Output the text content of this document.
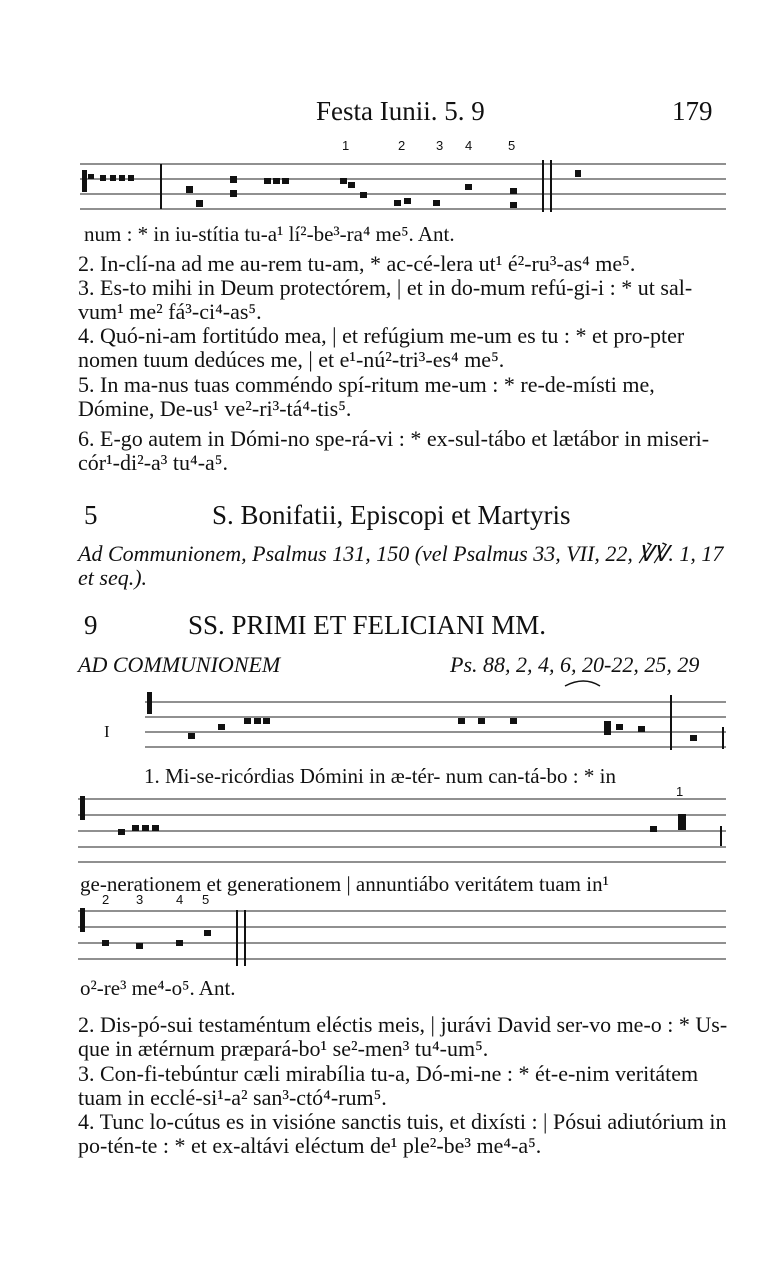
Festa Iunii. 5. 9	179
1	2 3 4	5
num : * in iu-stítia tu-a¹ lí²-be³-ra⁴ me⁵. Ant.
2. In-clí-na ad me au-rem tu-am, * ac-cé-lera ut¹ é²-ru³-as⁴ me⁵.
3. Es-to mihi in Deum protectórem, | et in do-mum refú-gi-i : * ut sal-vum¹ me² fá³-ci⁴-as⁵.
4. Quó-ni-am fortitúdo mea, | et refúgium me-um es tu : * et pro-pter nomen tuum dedúces me, | et e¹-nú²-tri³-es⁴ me⁵.
5. In ma-nus tuas comméndo spí-ritum me-um : * re-de-místi me, Dómine, De-us¹ ve²-ri³-tá⁴-tis⁵.
6. E-go autem in Dómi-no spe-rá-vi : * ex-sul-tábo et lætábor in miseri-cór¹-di²-a³ tu⁴-a⁵.
5	S. Bonifatii, Episcopi et Martyris
Ad Communionem, Psalmus 131, 150 (vel Psalmus 33, VII, 22, ℣℣. 1, 17 et seq.).
9	SS. PRIMI ET FELICIANI MM.
AD COMMUNIONEM	Ps. 88, 2, 4, 6, 20-22, 25, 29
I
1. Mi-se-ricórdias Dómini in æ-tér- num can-tá-bo : * in
1
ge-nerationem et generationem | annuntiábo veritátem tuam in¹
2 3	4 5
o²-re³ me⁴-o⁵. Ant.
2. Dis-pó-sui testaméntum eléctis meis, | jurávi David ser-vo me-o : * Us-que in ætérnum præpará-bo¹ se²-men³ tu⁴-um⁵.
3. Con-fi-tebúntur cæli mirabília tu-a, Dó-mi-ne : * ét-e-nim veritátem tuam in ecclé-si¹-a² san³-ctó⁴-rum⁵.
4. Tunc lo-cútus es in visióne sanctis tuis, et dixísti : | Pósui adiutórium in po-tén-te : * et ex-altávi eléctum de¹ ple²-be³ me⁴-a⁵.
